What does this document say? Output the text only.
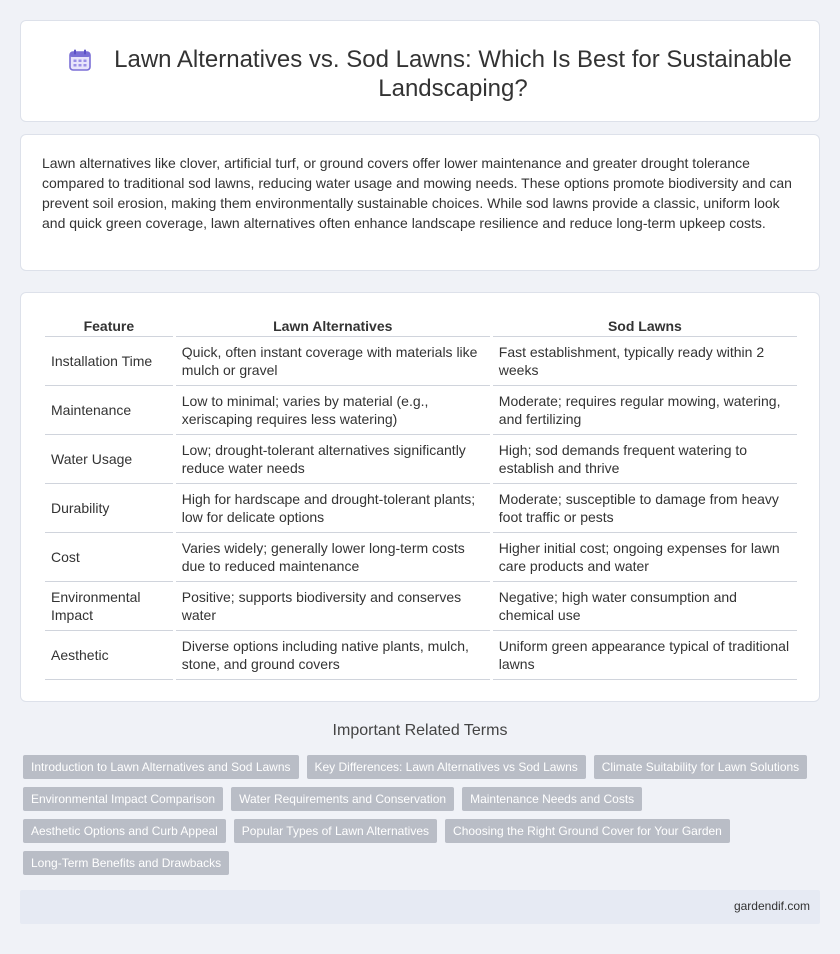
Lawn Alternatives vs. Sod Lawns: Which Is Best for Sustainable Landscaping?

Lawn alternatives like clover, artificial turf, or ground covers offer lower maintenance and greater drought tolerance compared to traditional sod lawns, reducing water usage and mowing needs. These options promote biodiversity and can prevent soil erosion, making them environmentally sustainable choices. While sod lawns provide a classic, uniform look and quick green coverage, lawn alternatives often enhance landscape resilience and reduce long-term upkeep costs.

Feature	Lawn Alternatives	Sod Lawns
Installation Time	Quick, often instant coverage with materials like mulch or gravel	Fast establishment, typically ready within 2 weeks
Maintenance	Low to minimal; varies by material (e.g., xeriscaping requires less watering)	Moderate; requires regular mowing, watering, and fertilizing
Water Usage	Low; drought-tolerant alternatives significantly reduce water needs	High; sod demands frequent watering to establish and thrive
Durability	High for hardscape and drought-tolerant plants; low for delicate options	Moderate; susceptible to damage from heavy foot traffic or pests
Cost	Varies widely; generally lower long-term costs due to reduced maintenance	Higher initial cost; ongoing expenses for lawn care products and water
Environmental Impact	Positive; supports biodiversity and conserves water	Negative; high water consumption and chemical use
Aesthetic	Diverse options including native plants, mulch, stone, and ground covers	Uniform green appearance typical of traditional lawns
Important Related Terms
Introduction to Lawn Alternatives and Sod Lawns	Key Differences: Lawn Alternatives vs Sod Lawns	Climate Suitability for Lawn Solutions
Environmental Impact Comparison	Water Requirements and Conservation	Maintenance Needs and Costs
Aesthetic Options and Curb Appeal	Popular Types of Lawn Alternatives	Choosing the Right Ground Cover for Your Garden
Long-Term Benefits and Drawbacks
gardendif.com
